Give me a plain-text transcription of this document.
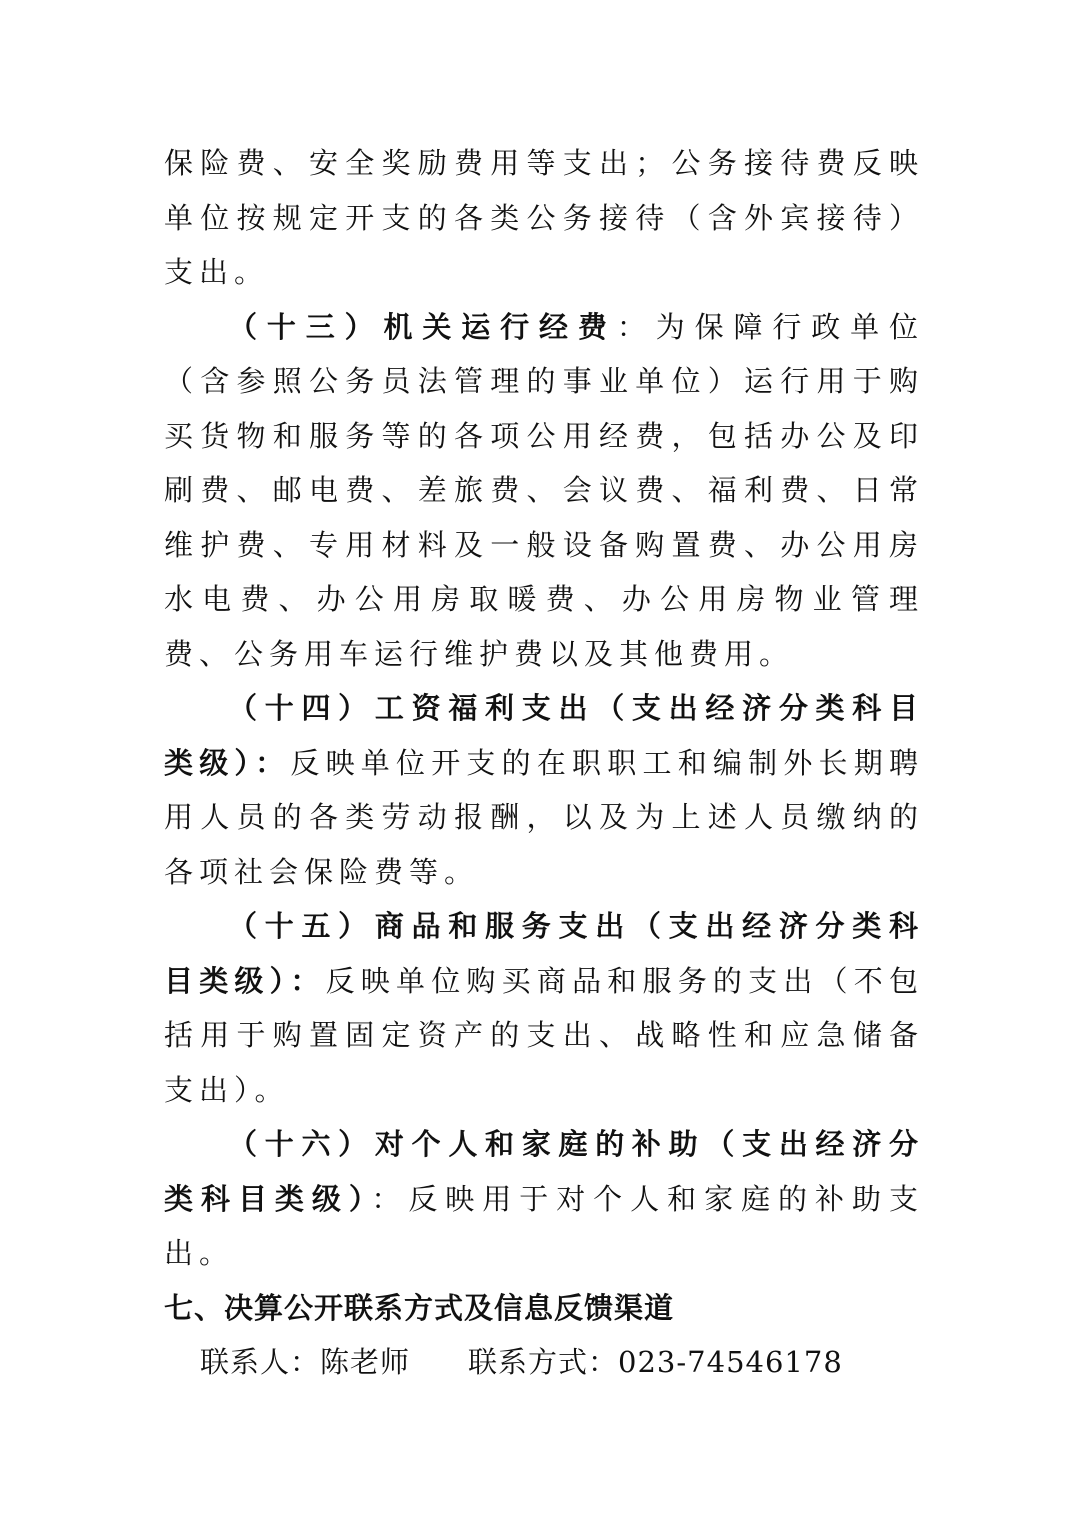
保险费、安全奖励费用等支出；公务接待费反映单位按规定开支的各类公务接待（含外宾接待）支出。

（十三）机关运行经费：为保障行政单位（含参照公务员法管理的事业单位）运行用于购买货物和服务等的各项公用经费，包括办公及印刷费、邮电费、差旅费、会议费、福利费、日常维护费、专用材料及一般设备购置费、办公用房水电费、办公用房取暖费、办公用房物业管理费、公务用车运行维护费以及其他费用。

（十四）工资福利支出（支出经济分类科目类级）：反映单位开支的在职职工和编制外长期聘用人员的各类劳动报酬，以及为上述人员缴纳的各项社会保险费等。

（十五）商品和服务支出（支出经济分类科目类级）：反映单位购买商品和服务的支出（不包括用于购置固定资产的支出、战略性和应急储备支出）。

（十六）对个人和家庭的补助（支出经济分类科目类级）：反映用于对个人和家庭的补助支出。

七、决算公开联系方式及信息反馈渠道

联系人：陈老师 联系方式：023-74546178
